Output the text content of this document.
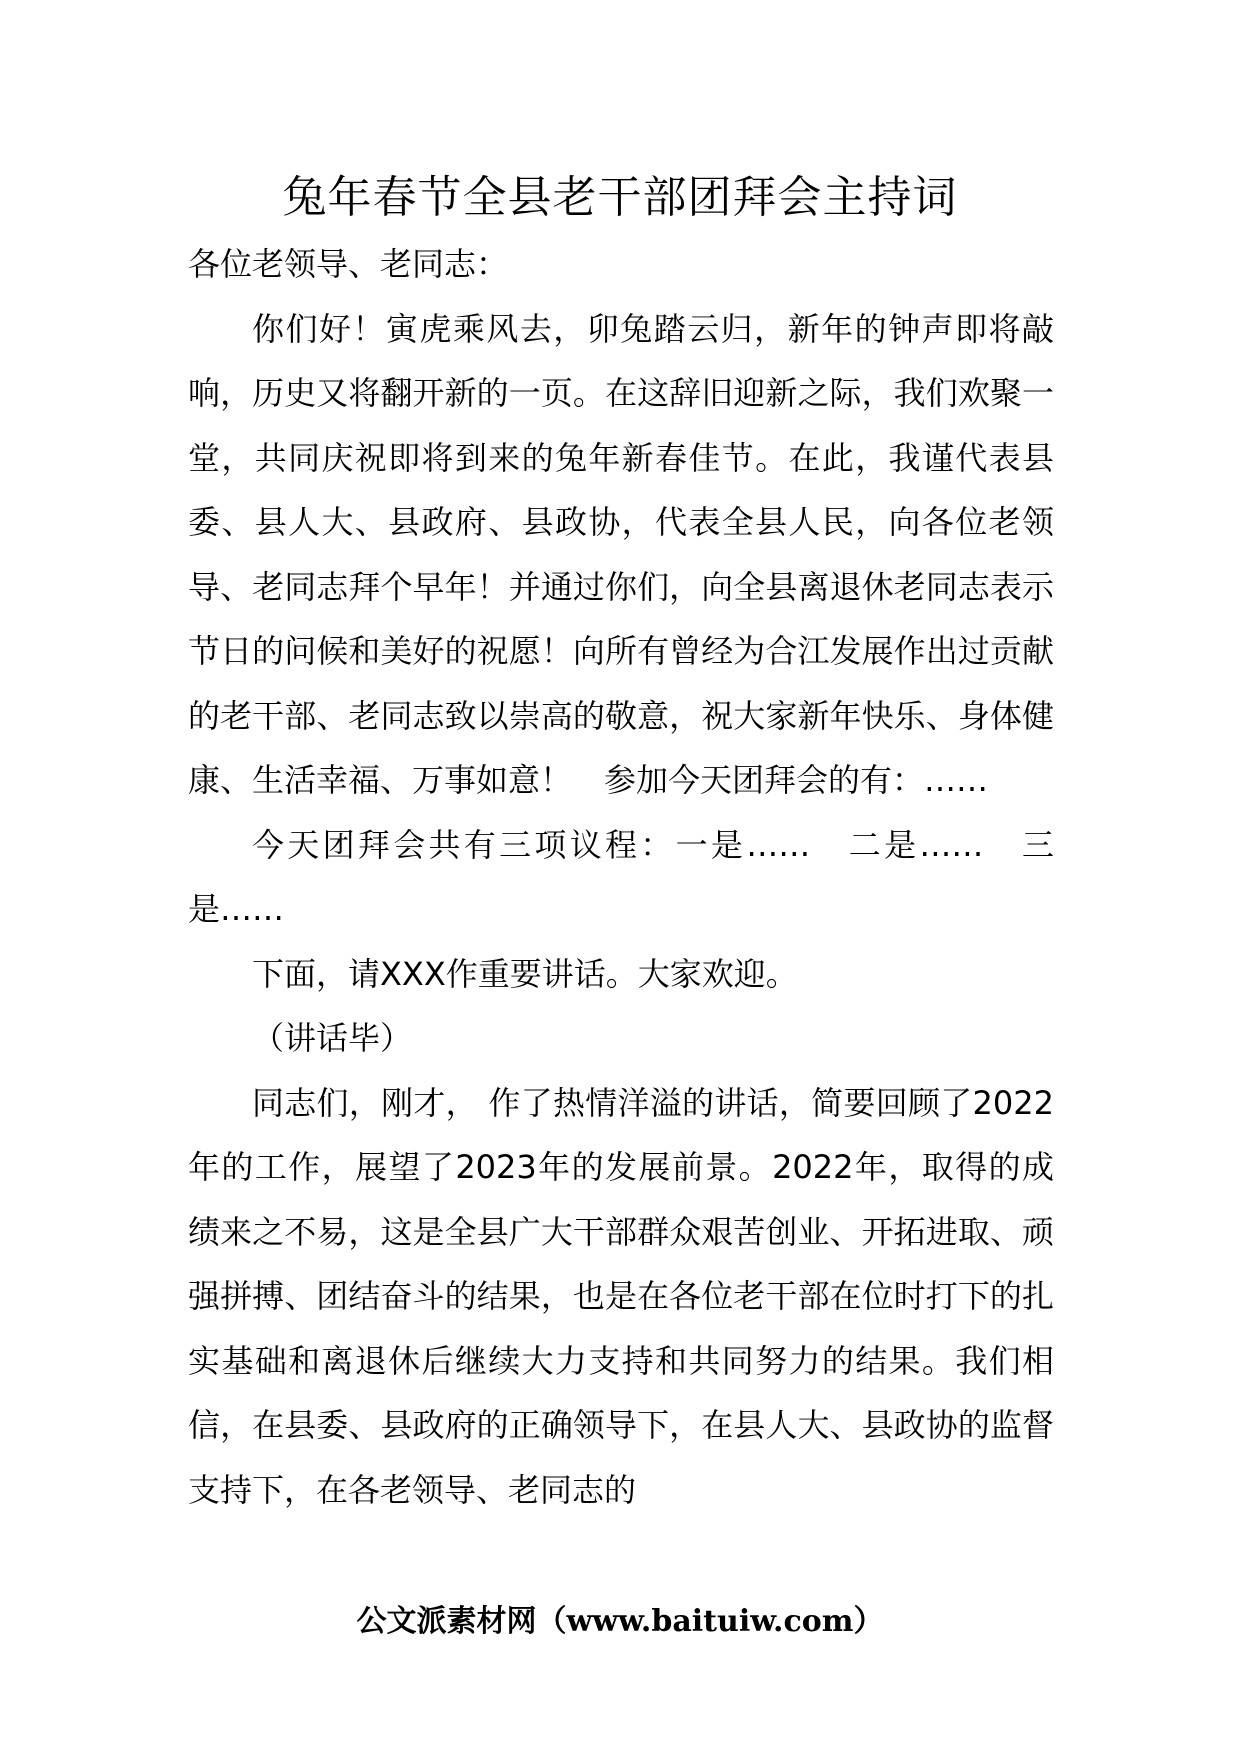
兔年春节全县老干部团拜会主持词

各位老领导、老同志：

你们好！寅虎乘风去，卯兔踏云归，新年的钟声即将敲响，历史又将翻开新的一页。在这辞旧迎新之际，我们欢聚一堂，共同庆祝即将到来的兔年新春佳节。在此，我谨代表县委、县人大、县政府、县政协，代表全县人民，向各位老领导、老同志拜个早年！并通过你们，向全县离退休老同志表示节日的问候和美好的祝愿！向所有曾经为合江发展作出过贡献的老干部、老同志致以崇高的敬意，祝大家新年快乐、身体健康、生活幸福、万事如意！　参加今天团拜会的有：……

今天团拜会共有三项议程：一是……　二是……　三是……

下面，请XXX作重要讲话。大家欢迎。

（讲话毕）

同志们，刚才， 作了热情洋溢的讲话，简要回顾了2022年的工作，展望了2023年的发展前景。2022年，取得的成绩来之不易，这是全县广大干部群众艰苦创业、开拓进取、顽强拼搏、团结奋斗的结果，也是在各位老干部在位时打下的扎实基础和离退休后继续大力支持和共同努力的结果。我们相信，在县委、县政府的正确领导下，在县人大、县政协的监督支持下，在各老领导、老同志的

公文派素材网（www.baituiw.com）
